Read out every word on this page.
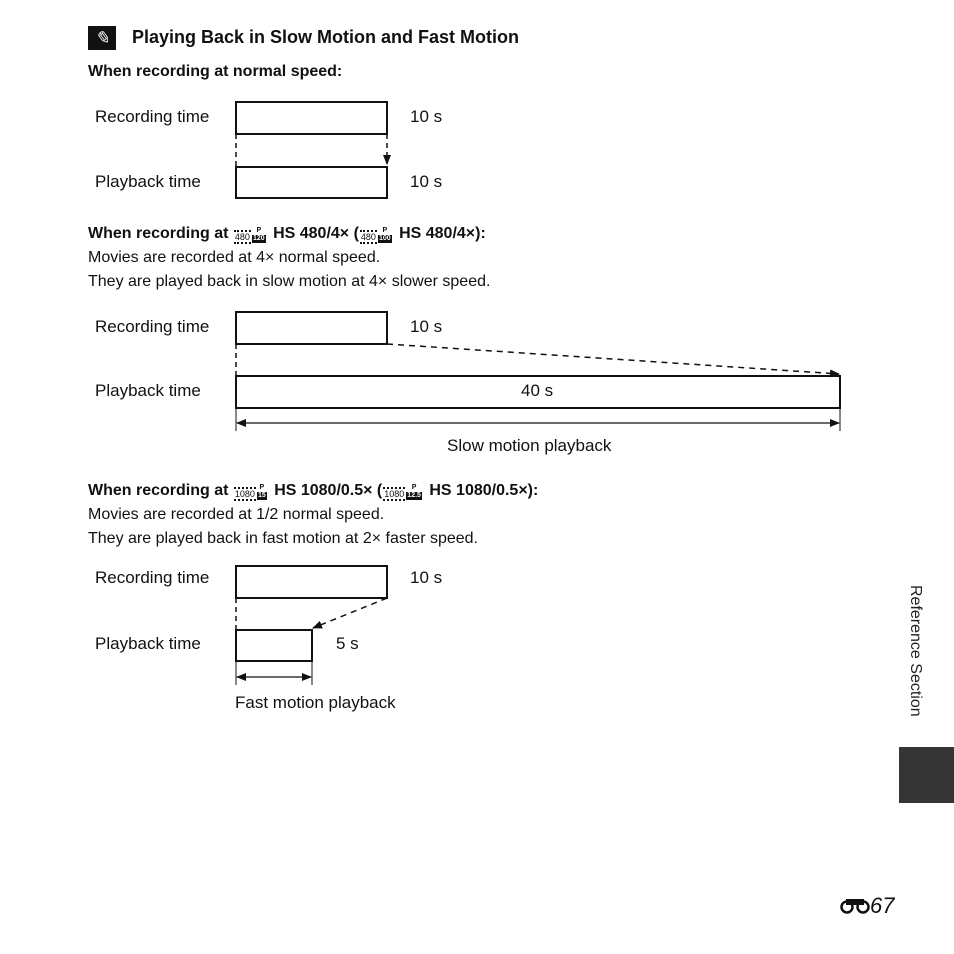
✎	Playing Back in Slow Motion and Fast Motion
When recording at normal speed:
Recording time	10 s
Playback time	10 s
When recording at 480
P
120 HS 480/4× ( 480
P
100 HS 480/4×):
Movies are recorded at 4× normal speed.
They are played back in slow motion at 4× slower speed.
Recording time	10 s
Playback time	40 s
Slow motion playback
When recording at 1080
P
15 HS 1080/0.5× ( 1080
P
12.5 HS 1080/0.5×):
Movies are recorded at 1/2 normal speed.
They are played back in fast motion at 2× faster speed.
Recording time	10 s
Playback time	5 s
Fast motion playback	Reference Section
67
